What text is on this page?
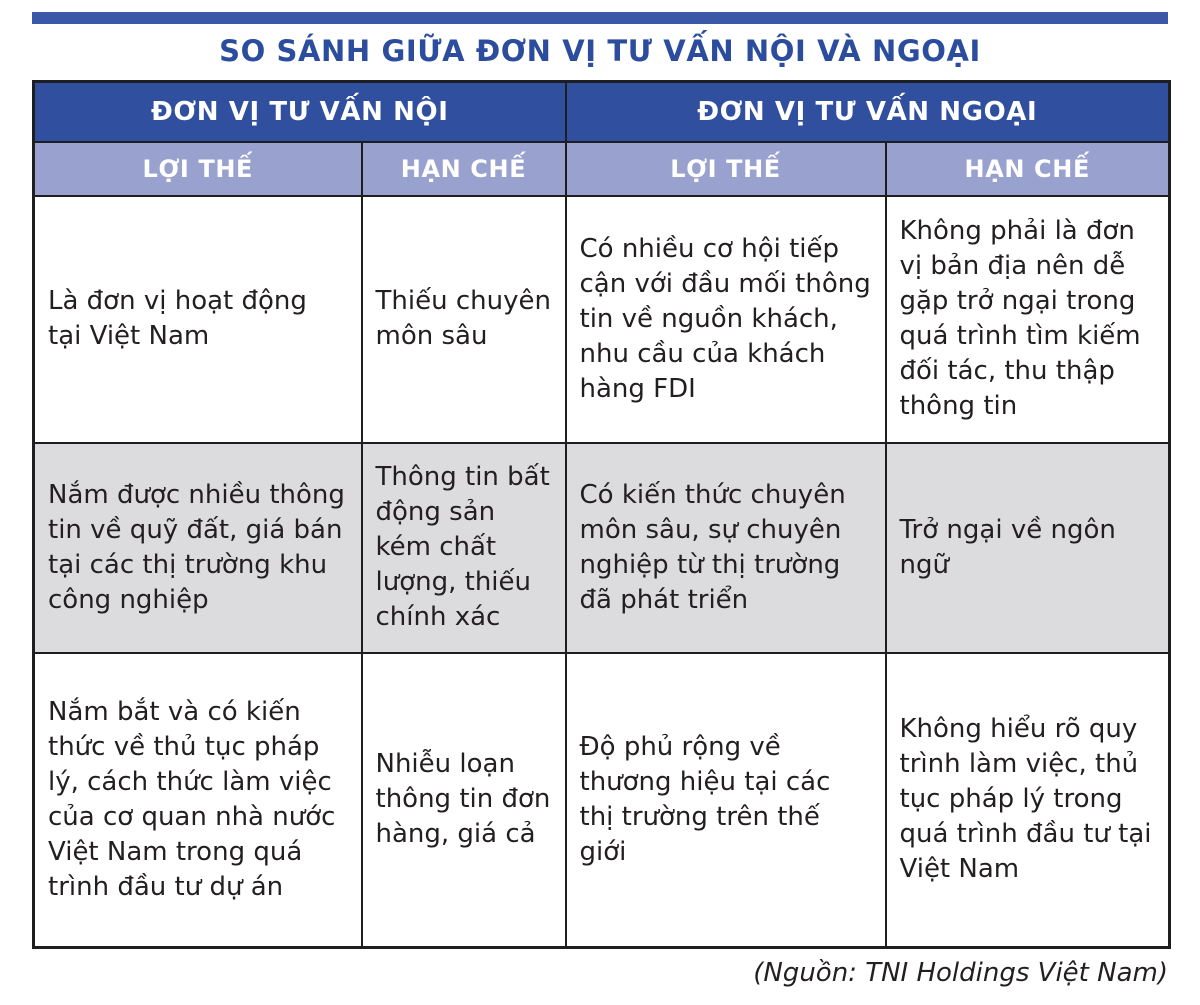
SO SÁNH GIỮA ĐƠN VỊ TƯ VẤN NỘI VÀ NGOẠI
ĐƠN VỊ TƯ VẤN NỘI		ĐƠN VỊ TƯ VẤN NGOẠI	
LỢI THẾ	HẠN CHẾ	LỢI THẾ	HẠN CHẾ
Là đơn vị hoạt động tại Việt Nam	Thiếu chuyên môn sâu	Có nhiều cơ hội tiếp cận với đầu mối thông tin về nguồn khách, nhu cầu của khách hàng FDI	Không phải là đơn vị bản địa nên dễ gặp trở ngại trong quá trình tìm kiếm đối tác, thu thập thông tin
Nắm được nhiều thông tin về quỹ đất, giá bán tại các thị trường khu công nghiệp	Thông tin bất động sản kém chất lượng, thiếu chính xác	Có kiến thức chuyên môn sâu, sự chuyên nghiệp từ thị trường đã phát triển	Trở ngại về ngôn ngữ
Nắm bắt và có kiến thức về thủ tục pháp lý, cách thức làm việc của cơ quan nhà nước Việt Nam trong quá trình đầu tư dự án	Nhiễu loạn thông tin đơn hàng, giá cả	Độ phủ rộng về thương hiệu tại các thị trường trên thế giới	Không hiểu rõ quy trình làm việc, thủ tục pháp lý trong quá trình đầu tư tại Việt Nam
(Nguồn: TNI Holdings Việt Nam)
